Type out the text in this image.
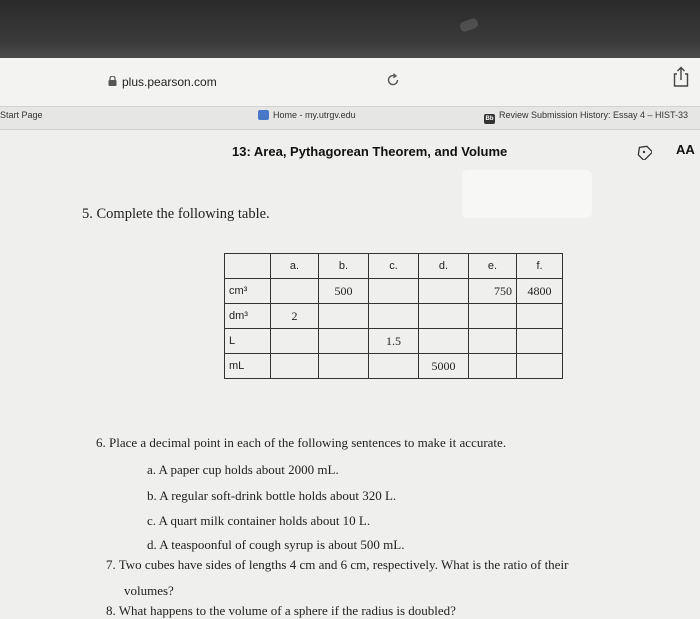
plus.pearson.com
Start Page	Home - my.utrgv.edu	Bb Review Submission History: Essay 4 – HIST-33
13: Area, Pythagorean Theorem, and Volume	AA
5. Complete the following table.
	a.	b.	c.	d.	e.	f.
cm³		500			750	4800
dm³	2					
L			1.5			
mL				5000		
6. Place a decimal point in each of the following sentences to make it accurate.
a. A paper cup holds about 2000 mL.
b. A regular soft-drink bottle holds about 320 L.
c. A quart milk container holds about 10 L.
d. A teaspoonful of cough syrup is about 500 mL.
7. Two cubes have sides of lengths 4 cm and 6 cm, respectively. What is the ratio of their
volumes?
8. What happens to the volume of a sphere if the radius is doubled?
